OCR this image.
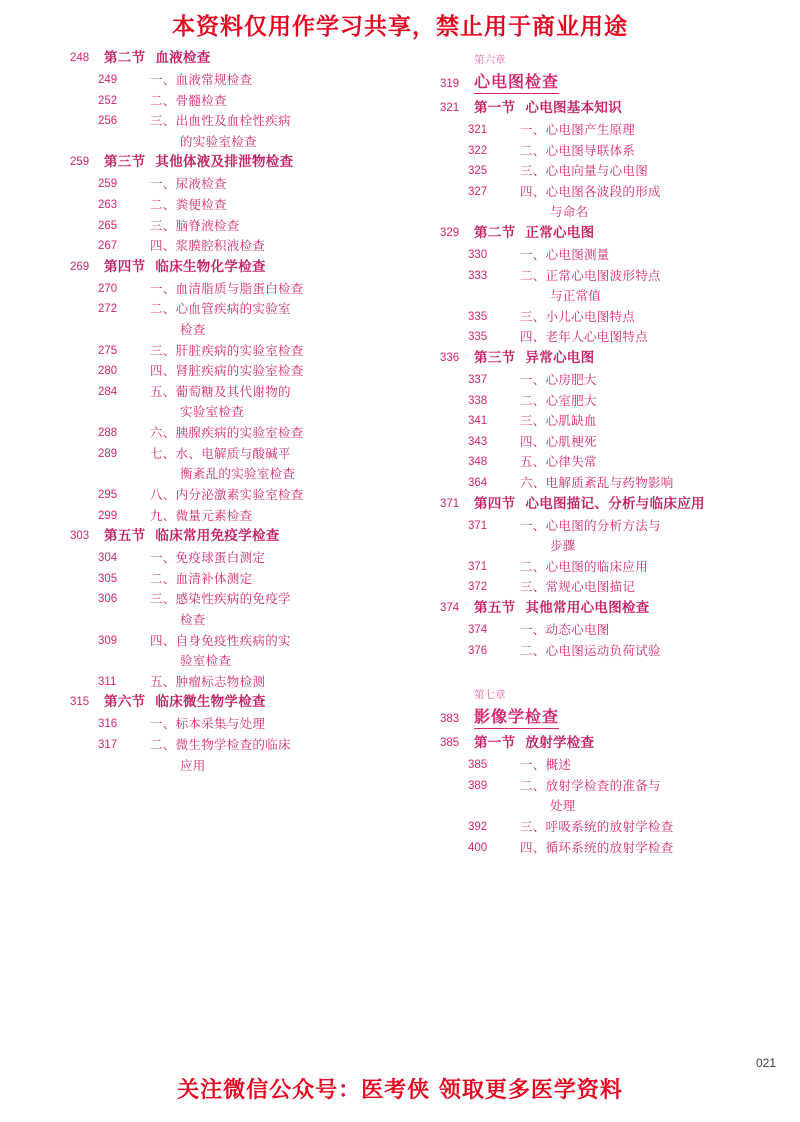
本资料仅用作学习共享，禁止用于商业用途
248	第二节 血液检查
249	一、血液常规检查
252	二、骨髓检查
256	三、出血性及血栓性疾病
的实验室检查
259	第三节 其他体液及排泄物检查
259	一、尿液检查
263	二、粪便检查
265	三、脑脊液检查
267	四、浆膜腔积液检查
269	第四节 临床生物化学检查
270	一、血清脂质与脂蛋白检查
272	二、心血管疾病的实验室
检查
275	三、肝脏疾病的实验室检查
280	四、肾脏疾病的实验室检查
284	五、葡萄糖及其代谢物的
实验室检查
288	六、胰腺疾病的实验室检查
289	七、水、电解质与酸碱平
衡紊乱的实验室检查
295	八、内分泌激素实验室检查
299	九、微量元素检查
303	第五节 临床常用免疫学检查
304	一、免疫球蛋白测定
305	二、血清补体测定
306	三、感染性疾病的免疫学
检查
309	四、自身免疫性疾病的实
验室检查
311	五、肿瘤标志物检测
315	第六节 临床微生物学检查
316	一、标本采集与处理
317	二、微生物学检查的临床
应用
第六章
319 心电图检查
321	第一节 心电图基本知识
321	一、心电图产生原理
322	二、心电图导联体系
325	三、心电向量与心电图
327	四、心电图各波段的形成
与命名
329	第二节 正常心电图
330	一、心电图测量
333	二、正常心电图波形特点
与正常值
335	三、小儿心电图特点
335	四、老年人心电图特点
336	第三节 异常心电图
337	一、心房肥大
338	二、心室肥大
341	三、心肌缺血
343	四、心肌梗死
348	五、心律失常
364	六、电解质紊乱与药物影响
371	第四节 心电图描记、分析与临床应用
371	一、心电图的分析方法与
步骤
371	二、心电图的临床应用
372	三、常规心电图描记
374	第五节 其他常用心电图检查
374	一、动态心电图
376	二、心电图运动负荷试验
第七章
383 影像学检查
385	第一节 放射学检查
385	一、概述
389	二、放射学检查的准备与
处理
392	三、呼吸系统的放射学检查
400	四、循环系统的放射学检查
021
关注微信公众号：医考侠 领取更多医学资料
